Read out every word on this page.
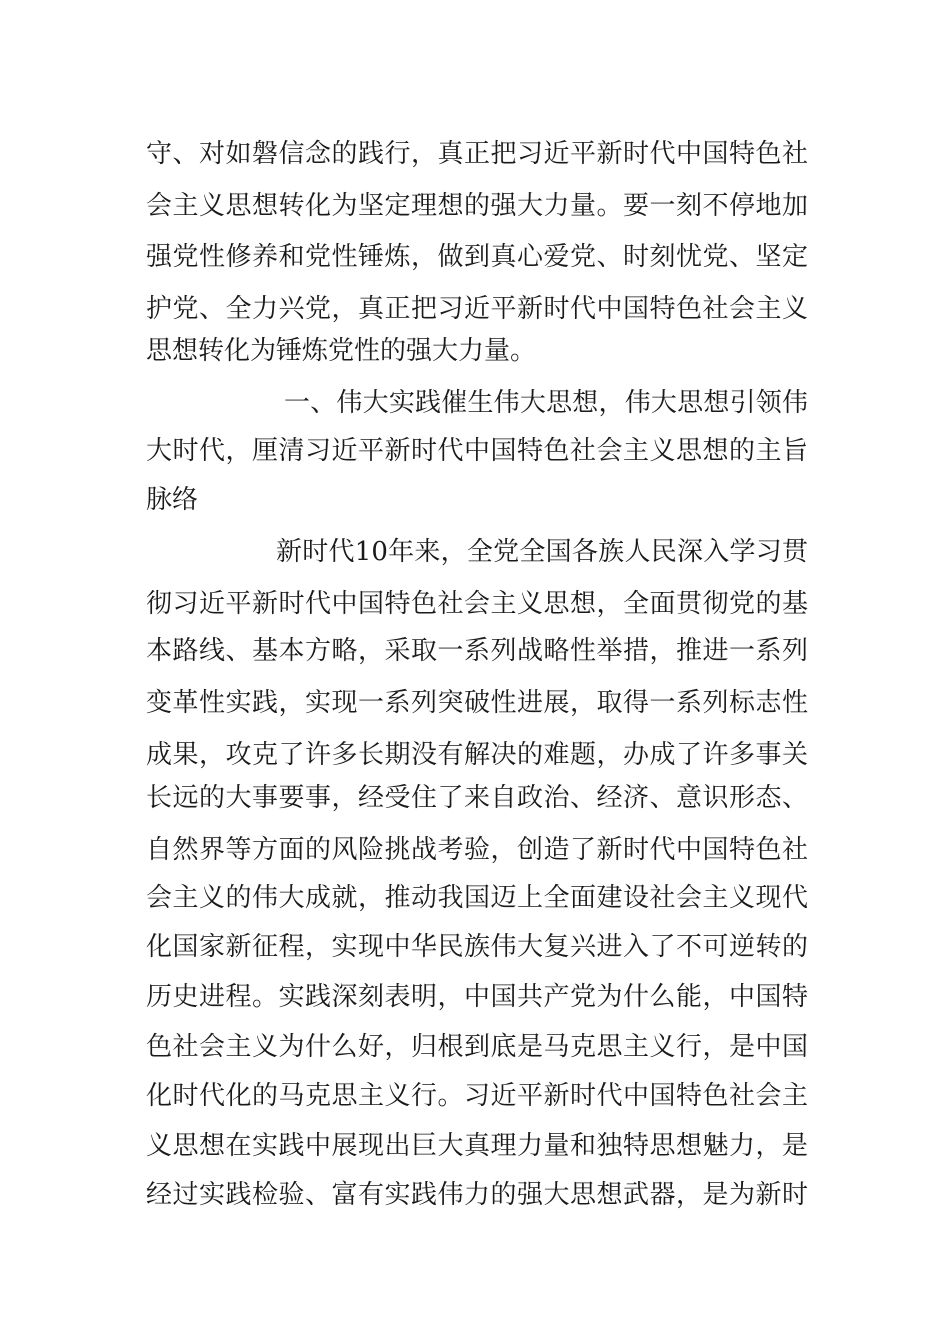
守、对如磐信念的践行，真正把习近平新时代中国特色社
会主义思想转化为坚定理想的强大力量。要一刻不停地加
强党性修养和党性锤炼，做到真心爱党、时刻忧党、坚定
护党、全力兴党，真正把习近平新时代中国特色社会主义
思想转化为锤炼党性的强大力量。
一、伟大实践催生伟大思想，伟大思想引领伟
大时代，厘清习近平新时代中国特色社会主义思想的主旨
脉络
新时代10年来，全党全国各族人民深入学习贯
彻习近平新时代中国特色社会主义思想，全面贯彻党的基
本路线、基本方略，采取一系列战略性举措，推进一系列
变革性实践，实现一系列突破性进展，取得一系列标志性
成果，攻克了许多长期没有解决的难题，办成了许多事关
长远的大事要事，经受住了来自政治、经济、意识形态、
自然界等方面的风险挑战考验，创造了新时代中国特色社
会主义的伟大成就，推动我国迈上全面建设社会主义现代
化国家新征程，实现中华民族伟大复兴进入了不可逆转的
历史进程。实践深刻表明，中国共产党为什么能，中国特
色社会主义为什么好，归根到底是马克思主义行，是中国
化时代化的马克思主义行。习近平新时代中国特色社会主
义思想在实践中展现出巨大真理力量和独特思想魅力，是
经过实践检验、富有实践伟力的强大思想武器，是为新时
